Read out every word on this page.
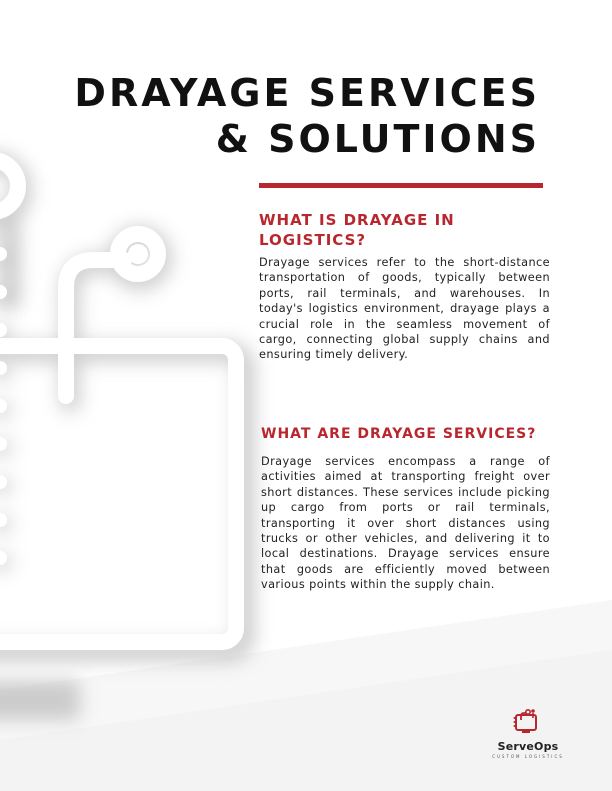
DRAYAGE SERVICES
& SOLUTIONS
WHAT IS DRAYAGE IN LOGISTICS?

Drayage services refer to the short-distance transportation of goods, typically between ports, rail terminals, and warehouses. In today's logistics environment, drayage plays a crucial role in the seamless movement of cargo, connecting global supply chains and ensuring timely delivery.

WHAT ARE DRAYAGE SERVICES?

Drayage services encompass a range of activities aimed at transporting freight over short distances. These services include picking up cargo from ports or rail terminals, transporting it over short distances using trucks or other vehicles, and delivering it to local destinations. Drayage services ensure that goods are efficiently moved between various points within the supply chain.

ServeOps
CUSTOM LOGISTICS
